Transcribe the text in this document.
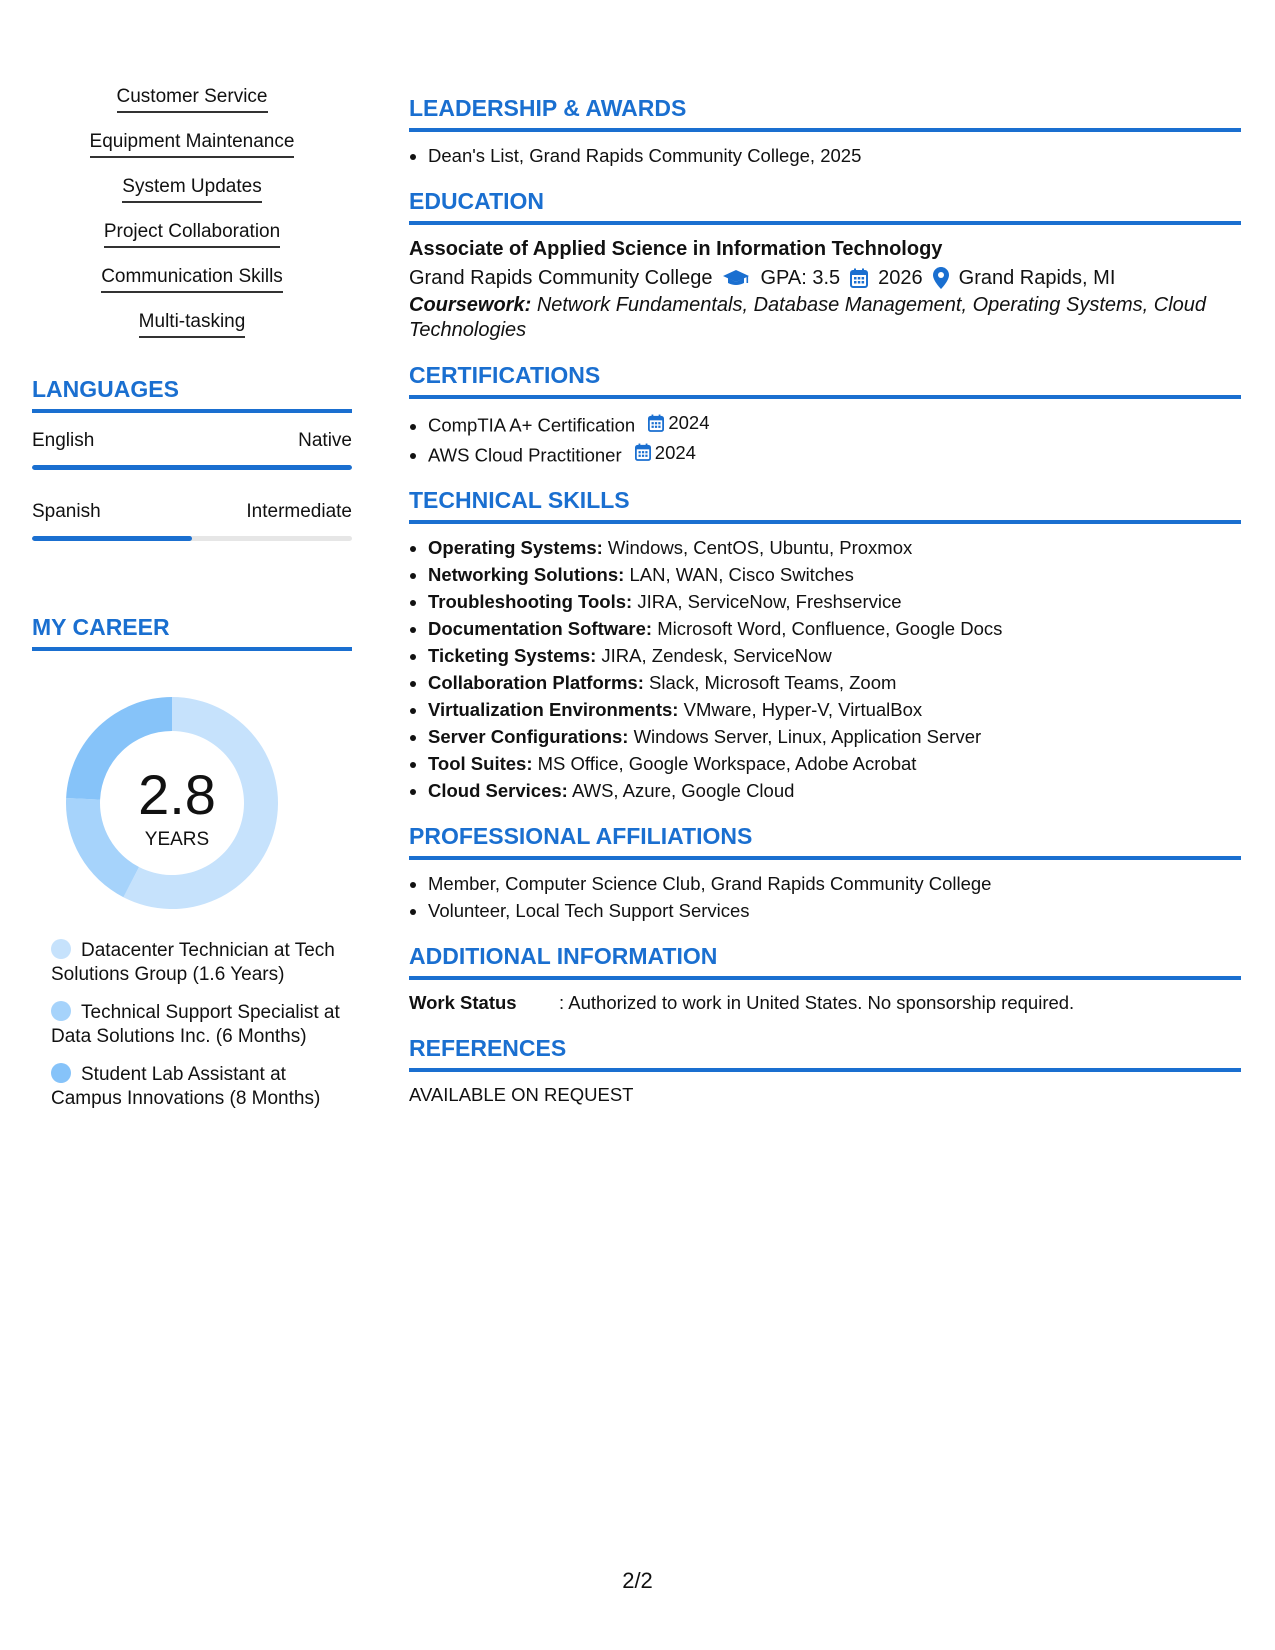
Customer Service
Equipment Maintenance
System Updates
Project Collaboration
Communication Skills
Multi-tasking
LANGUAGES
English	Native
Spanish	Intermediate
MY CAREER
2.8
YEARS
Datacenter Technician at Tech Solutions Group (1.6 Years)
Technical Support Specialist at Data Solutions Inc. (6 Months)
Student Lab Assistant at Campus Innovations (8 Months)
LEADERSHIP & AWARDS
• Dean's List, Grand Rapids Community College, 2025
EDUCATION
Associate of Applied Science in Information Technology
Grand Rapids Community College GPA: 3.5 2026 Grand Rapids, MI
Coursework: Network Fundamentals, Database Management, Operating Systems, Cloud Technologies
CERTIFICATIONS
• CompTIA A+ Certification 2024
• AWS Cloud Practitioner 2024
TECHNICAL SKILLS
• Operating Systems: Windows, CentOS, Ubuntu, Proxmox
• Networking Solutions: LAN, WAN, Cisco Switches
• Troubleshooting Tools: JIRA, ServiceNow, Freshservice
• Documentation Software: Microsoft Word, Confluence, Google Docs
• Ticketing Systems: JIRA, Zendesk, ServiceNow
• Collaboration Platforms: Slack, Microsoft Teams, Zoom
• Virtualization Environments: VMware, Hyper-V, VirtualBox
• Server Configurations: Windows Server, Linux, Application Server
• Tool Suites: MS Office, Google Workspace, Adobe Acrobat
• Cloud Services: AWS, Azure, Google Cloud
PROFESSIONAL AFFILIATIONS
• Member, Computer Science Club, Grand Rapids Community College
• Volunteer, Local Tech Support Services
ADDITIONAL INFORMATION
Work Status	: Authorized to work in United States. No sponsorship required.
REFERENCES
AVAILABLE ON REQUEST
2/2
